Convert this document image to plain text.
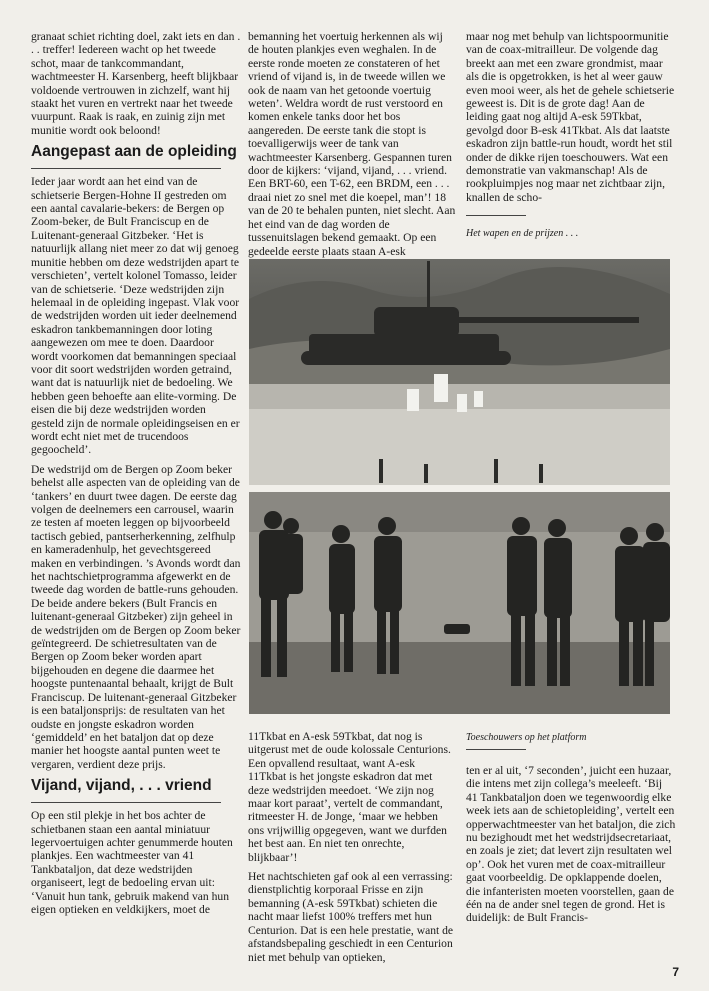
granaat schiet richting doel, zakt iets en dan . . . treffer! Iedereen wacht op het tweede schot, maar de tankcommandant, wachtmeester H. Karsenberg, heeft blijkbaar voldoende vertrouwen in zichzelf, want hij staakt het vuren en vertrekt naar het tweede vuurpunt. Raak is raak, en zuinig zijn met munitie wordt ook beloond!

Aangepast aan de opleiding

Ieder jaar wordt aan het eind van de schietserie Bergen-Hohne II gestreden om een aantal cavalarie-bekers: de Bergen op Zoom-beker, de Bult Franciscup en de Luitenant-generaal Gitzbeker. ‘Het is natuurlijk allang niet meer zo dat wij genoeg munitie hebben om deze wedstrijden apart te verschieten’, vertelt kolonel Tomasso, leider van de schietserie. ‘Deze wedstrijden zijn helemaal in de opleiding ingepast. Vlak voor de wedstrijden worden uit ieder deelnemend eskadron tankbemanningen door loting aangewezen om mee te doen. Daardoor wordt voorkomen dat bemanningen speciaal voor dit soort wedstrijden worden getraind, want dat is natuurlijk niet de bedoeling. We hebben geen behoefte aan elite-vorming. De eisen die bij deze wedstrijden worden gesteld zijn de normale opleidingseisen en er wordt echt niet met de trucendoos gegoocheld’.

De wedstrijd om de Bergen op Zoom beker behelst alle aspecten van de opleiding van de ‘tankers’ en duurt twee dagen. De eerste dag volgen de deelnemers een carrousel, waarin ze testen af moeten leggen op bijvoorbeeld tactisch gebied, pantserherkenning, zelfhulp en kameradenhulp, het gevechtsgereed maken en verbindingen. ’s Avonds wordt dan het nachtschietprogramma afgewerkt en de tweede dag worden de battle-runs gehouden. De beide andere bekers (Bult Francis en luitenant-generaal Gitzbeker) zijn geheel in de wedstrijden om de Bergen op Zoom beker geïntegreerd. De schietresultaten van de Bergen op Zoom beker worden apart bijgehouden en degene die daarmee het hoogste puntenaantal behaalt, krijgt de Bult Franciscup. De luitenant-generaal Gitzbeker is een bataljonsprijs: de resultaten van het oudste en jongste eskadron worden ‘gemiddeld’ en het bataljon dat op deze manier het hoogste aantal punten weet te vergaren, verdient deze prijs.

Vijand, vijand, . . . vriend

Op een stil plekje in het bos achter de schietbanen staan een aantal miniatuur legervoertuigen achter genummerde houten plankjes. Een wachtmeester van 41 Tankbataljon, dat deze wedstrijden organiseert, legt de bedoeling ervan uit: ‘Vanuit hun tank, gebruik makend van hun eigen optieken en veldkijkers, moet de

bemanning het voertuig herkennen als wij de houten plankjes even weghalen. In de eerste ronde moeten ze constateren of het vriend of vijand is, in de tweede willen we ook de naam van het getoonde voertuig weten’. Weldra wordt de rust verstoord en komen enkele tanks door het bos aangereden. De eerste tank die stopt is toevalligerwijs weer de tank van wachtmeester Karsenberg. Gespannen turen door de kijkers: ‘vijand, vijand, . . . vriend. Een BRT-60, een T-62, een BRDM, een . . . draai niet zo snel met die koepel, man’! 18 van de 20 te behalen punten, niet slecht. Aan het eind van de dag worden de tussenuitslagen bekend gemaakt. Op een gedeelde eerste plaats staan A-esk

maar nog met behulp van lichtspoormunitie van de coax-mitrailleur. De volgende dag breekt aan met een zware grondmist, maar als die is opgetrokken, is het al weer gauw even mooi weer, als het de gehele schietserie geweest is. Dit is de grote dag! Aan de leiding gaat nog altijd A-esk 59Tkbat, gevolgd door B-esk 41Tkbat. Als dat laatste eskadron zijn battle-run houdt, wordt het stil onder de dikke rijen toeschouwers. Wat een demonstratie van vakmanschap! Als de rookpluimpjes nog maar net zichtbaar zijn, knallen de scho-

Het wapen en de prijzen . . .

11Tkbat en A-esk 59Tkbat, dat nog is uitgerust met de oude kolossale Centurions. Een opvallend resultaat, want A-esk 11Tkbat is het jongste eskadron dat met deze wedstrijden meedoet. ‘We zijn nog maar kort paraat’, vertelt de commandant, ritmeester H. de Jonge, ‘maar we hebben ons vrijwillig opgegeven, want we durfden het best aan. En niet ten onrechte, blijkbaar’!

Het nachtschieten gaf ook al een verrassing: dienstplichtig korporaal Frisse en zijn bemanning (A-esk 59Tkbat) schieten die nacht maar liefst 100% treffers met hun Centurion. Dat is een hele prestatie, want de afstandsbepaling geschiedt in een Centurion niet met behulp van optieken,

Toeschouwers op het platform

ten er al uit, ‘7 seconden’, juicht een huzaar, die intens met zijn collega’s meeleeft. ‘Bij 41 Tankbataljon doen we tegenwoordig elke week iets aan de schietopleiding’, vertelt een opperwachtmeester van het bataljon, die zich nu bezighoudt met het wedstrijdsecretariaat, en zoals je ziet; dat levert zijn resultaten wel op’. Ook het vuren met de coax-mitrailleur gaat voorbeeldig. De opklappende doelen, die infanteristen moeten voorstellen, gaan de één na de ander snel tegen de grond. Het is duidelijk: de Bult Francis-

7
